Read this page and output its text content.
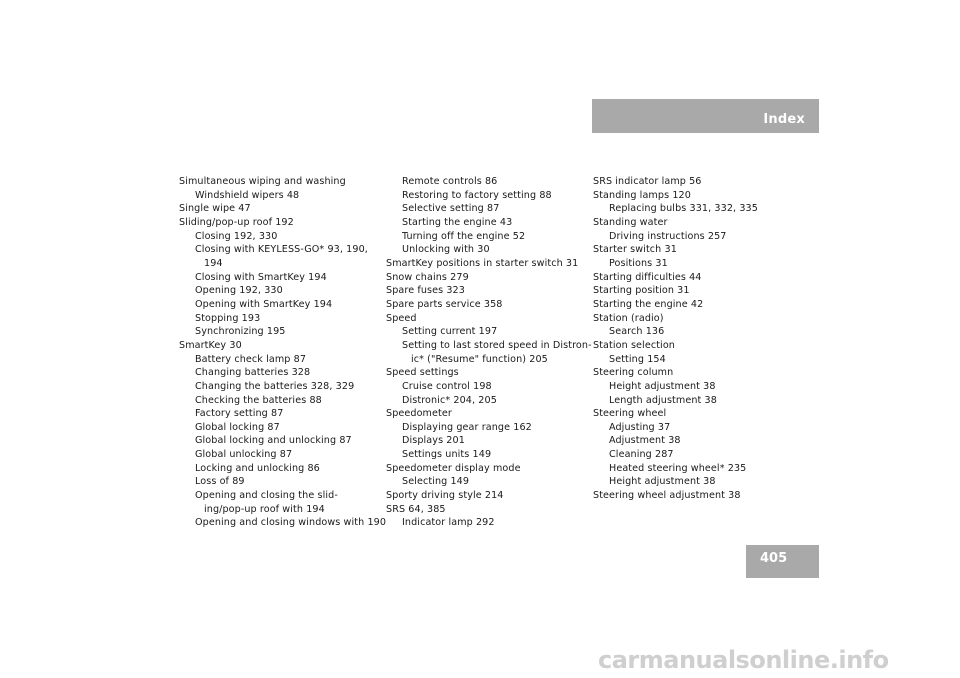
Index
Simultaneous wiping and washing
Windshield wipers 48
Single wipe 47
Sliding/pop-up roof 192
Closing 192, 330
Closing with KEYLESS-GO* 93, 190,
194
Closing with SmartKey 194
Opening 192, 330
Opening with SmartKey 194
Stopping 193
Synchronizing 195
SmartKey 30
Battery check lamp 87
Changing batteries 328
Changing the batteries 328, 329
Checking the batteries 88
Factory setting 87
Global locking 87
Global locking and unlocking 87
Global unlocking 87
Locking and unlocking 86
Loss of 89
Opening and closing the slid-
ing/pop-up roof with 194
Opening and closing windows with 190
Remote controls 86
Restoring to factory setting 88
Selective setting 87
Starting the engine 43
Turning off the engine 52
Unlocking with 30
SmartKey positions in starter switch 31
Snow chains 279
Spare fuses 323
Spare parts service 358
Speed
Setting current 197
Setting to last stored speed in Distron-
ic* ("Resume" function) 205
Speed settings
Cruise control 198
Distronic* 204, 205
Speedometer
Displaying gear range 162
Displays 201
Settings units 149
Speedometer display mode
Selecting 149
Sporty driving style 214
SRS 64, 385
Indicator lamp 292
SRS indicator lamp 56
Standing lamps 120
Replacing bulbs 331, 332, 335
Standing water
Driving instructions 257
Starter switch 31
Positions 31
Starting difficulties 44
Starting position 31
Starting the engine 42
Station (radio)
Search 136
Station selection
Setting 154
Steering column
Height adjustment 38
Length adjustment 38
Steering wheel
Adjusting 37
Adjustment 38
Cleaning 287
Heated steering wheel* 235
Height adjustment 38
Steering wheel adjustment 38
405
carmanualsonline.info
